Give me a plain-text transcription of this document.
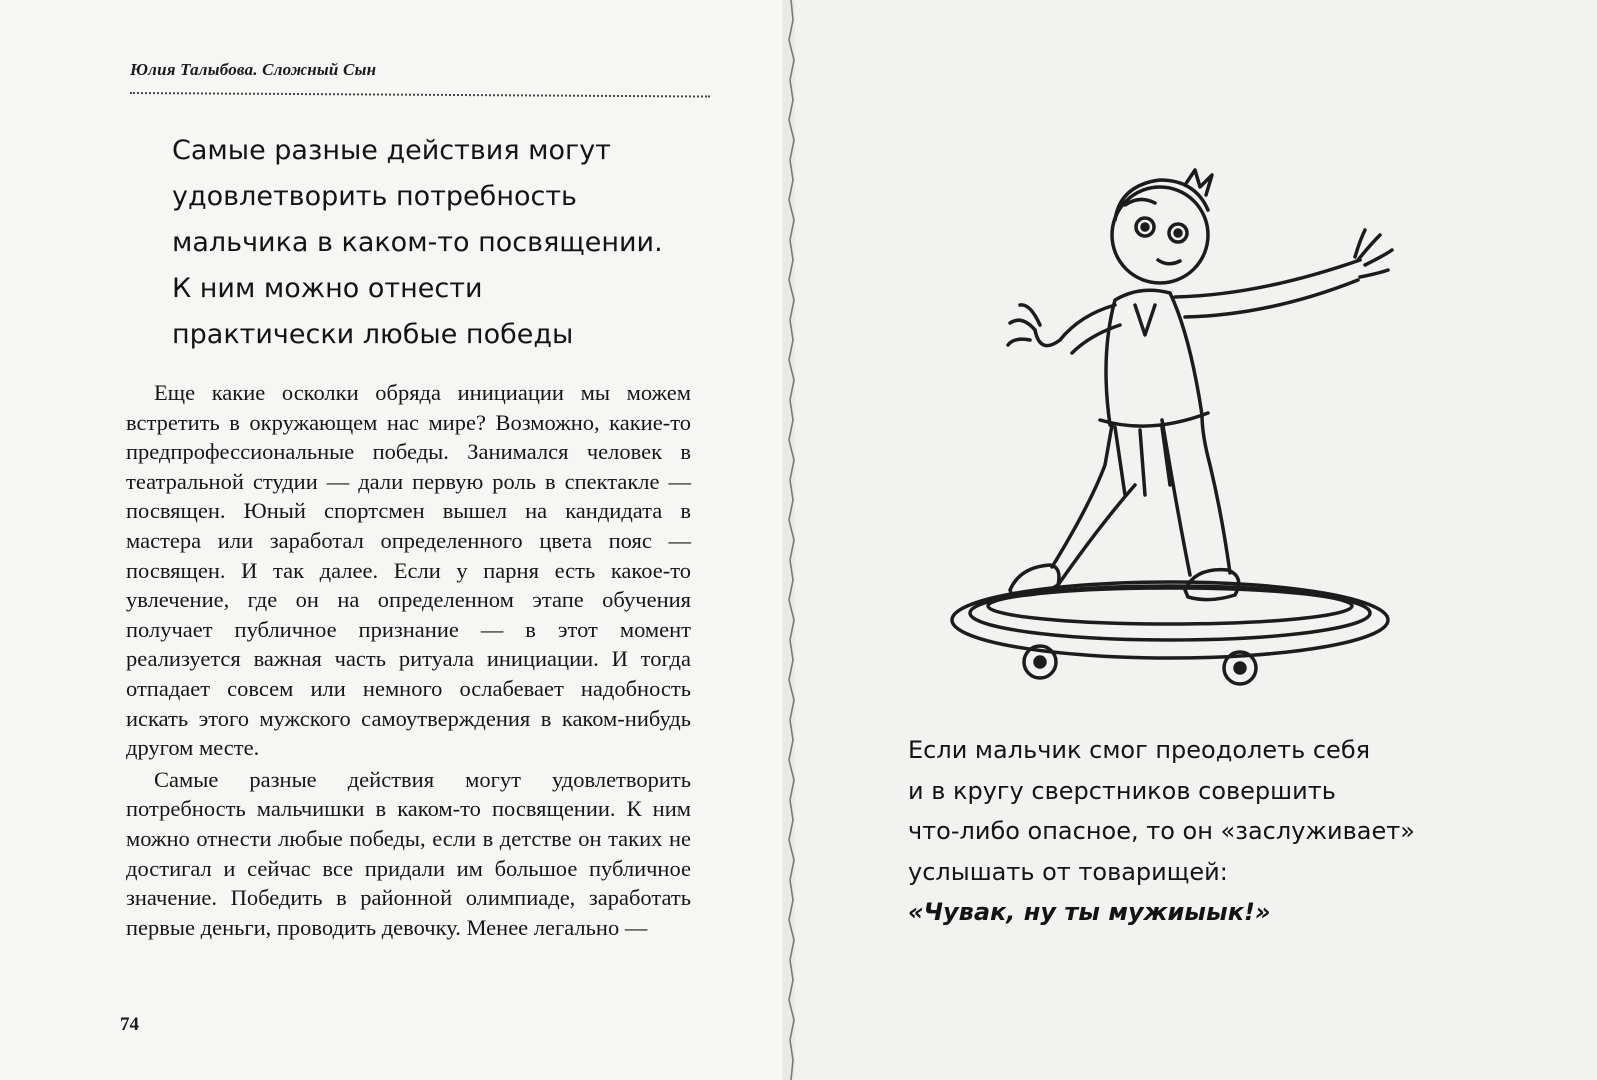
Юлия Талыбова. Сложный Сын
Самые разные действия могут
удовлетворить потребность
мальчика в каком-то посвящении.
К ним можно отнести
практически любые победы

Еще какие осколки обряда инициации мы можем встретить в окружающем нас мире? Возможно, какие-то предпрофессиональные победы. Занимался человек в театральной студии — дали первую роль в спектакле — посвящен. Юный спортсмен вышел на кандидата в мастера или заработал определенного цвета пояс — посвящен. И так далее. Если у парня есть какое-то увлечение, где он на определенном этапе обучения получает публичное признание — в этот момент реализуется важная часть ритуала инициации. И тогда отпадает совсем или немного ослабевает надобность искать этого мужского самоутверждения в каком-нибудь другом месте.

Самые разные действия могут удовлетворить потребность мальчишки в каком-то посвящении. К ним можно отнести любые победы, если в детстве он таких не достигал и сейчас все придали им большое публичное значение. Победить в районной олимпиаде, заработать первые деньги, проводить девочку. Менее легально —

74
Если мальчик смог преодолеть себя
и в кругу сверстников совершить
что-либо опасное, то он «заслуживает»
услышать от товарищей:
«Чувак, ну ты мужиыык!»
